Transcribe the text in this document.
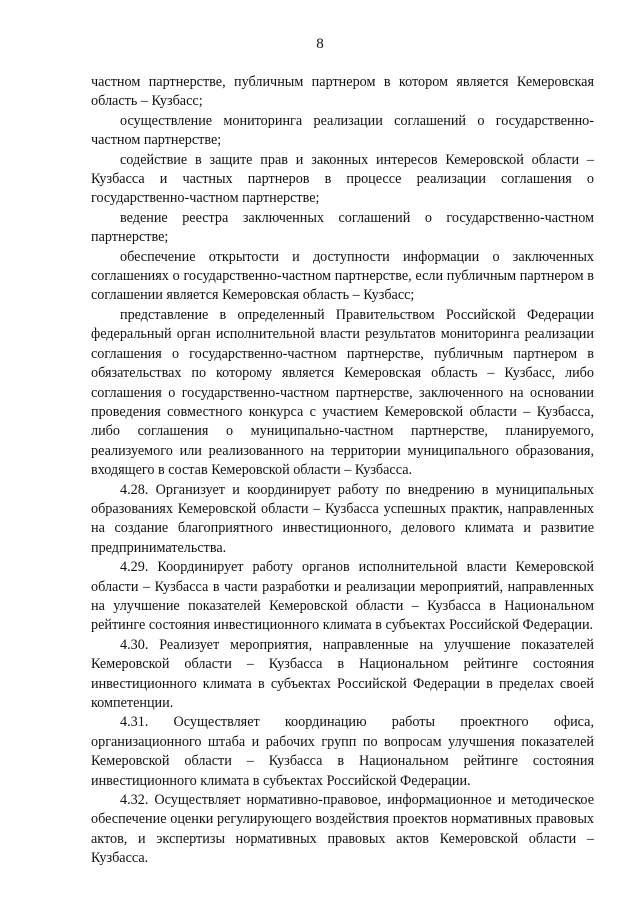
8

частном партнерстве, публичным партнером в котором является Кемеровская область – Кузбасс;

осуществление мониторинга реализации соглашений о государственно-частном партнерстве;

содействие в защите прав и законных интересов Кемеровской области – Кузбасса и частных партнеров в процессе реализации соглашения о государственно-частном партнерстве;

ведение реестра заключенных соглашений о государственно-частном партнерстве;

обеспечение открытости и доступности информации о заключенных соглашениях о государственно-частном партнерстве, если публичным партнером в соглашении является Кемеровская область – Кузбасс;

представление в определенный Правительством Российской Федерации федеральный орган исполнительной власти результатов мониторинга реализации соглашения о государственно-частном партнерстве, публичным партнером в обязательствах по которому является Кемеровская область – Кузбасс, либо соглашения о государственно-частном партнерстве, заключенного на основании проведения совместного конкурса с участием Кемеровской области – Кузбасса, либо соглашения о муниципально-частном партнерстве, планируемого, реализуемого или реализованного на территории муниципального образования, входящего в состав Кемеровской области – Кузбасса.

4.28. Организует и координирует работу по внедрению в муниципальных образованиях Кемеровской области – Кузбасса успешных практик, направленных на создание благоприятного инвестиционного, делового климата и развитие предпринимательства.

4.29. Координирует работу органов исполнительной власти Кемеровской области – Кузбасса в части разработки и реализации мероприятий, направленных на улучшение показателей Кемеровской области – Кузбасса в Национальном рейтинге состояния инвестиционного климата в субъектах Российской Федерации.

4.30. Реализует мероприятия, направленные на улучшение показателей Кемеровской области – Кузбасса в Национальном рейтинге состояния инвестиционного климата в субъектах Российской Федерации в пределах своей компетенции.

4.31. Осуществляет координацию работы проектного офиса, организационного штаба и рабочих групп по вопросам улучшения показателей Кемеровской области – Кузбасса в Национальном рейтинге состояния инвестиционного климата в субъектах Российской Федерации.

4.32. Осуществляет нормативно-правовое, информационное и методическое обеспечение оценки регулирующего воздействия проектов нормативных правовых актов, и экспертизы нормативных правовых актов Кемеровской области – Кузбасса.
